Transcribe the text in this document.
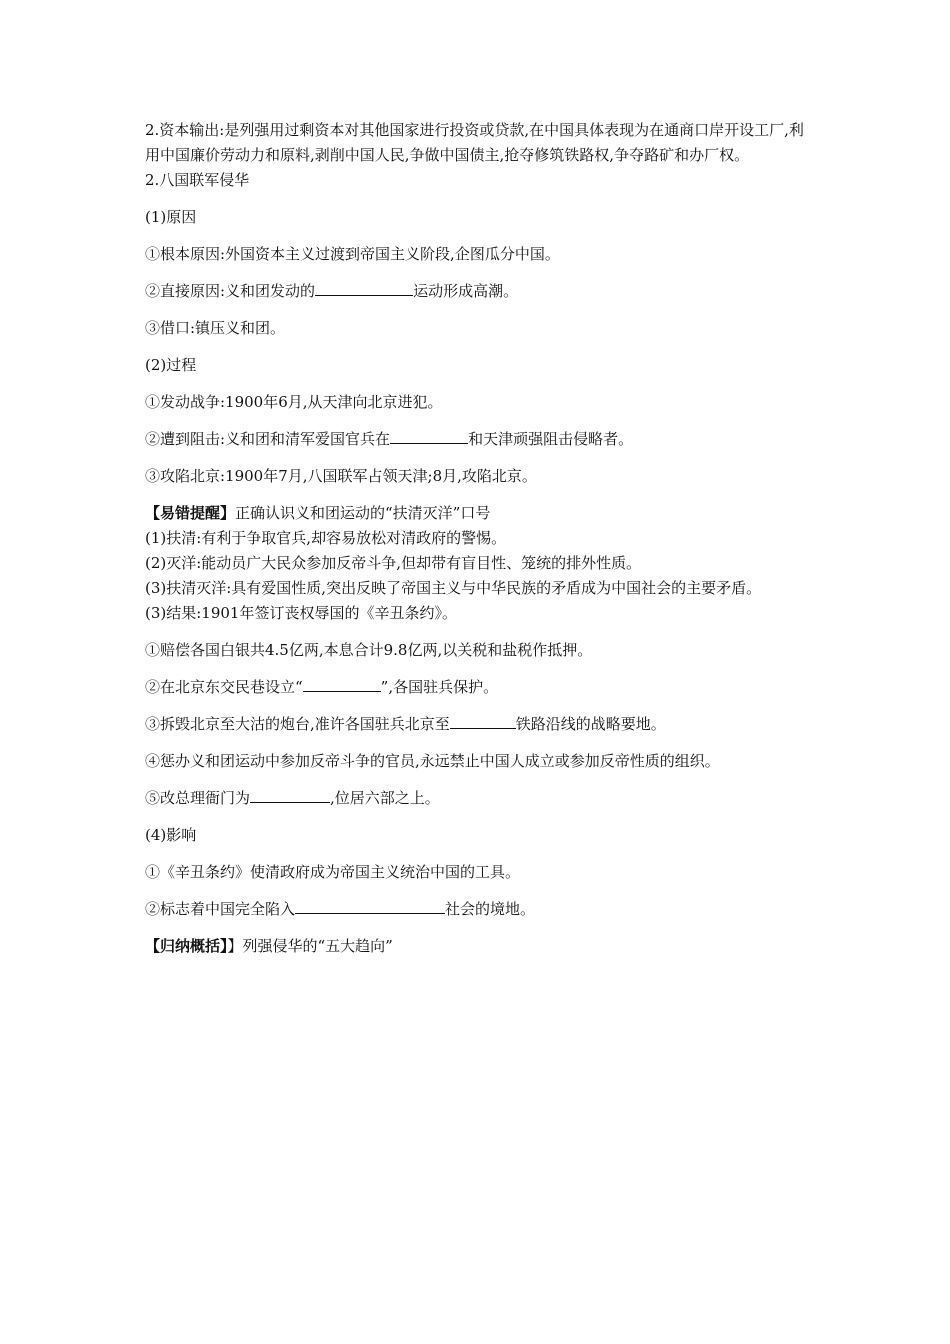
2.资本输出:是列强用过剩资本对其他国家进行投资或贷款,在中国具体表现为在通商口岸开设工厂,利用中国廉价劳动力和原料,剥削中国人民,争做中国债主,抢夺修筑铁路权,争夺路矿和办厂权。

2.八国联军侵华

(1)原因

①根本原因:外国资本主义过渡到帝国主义阶段,企图瓜分中国。

②直接原因:义和团发动的	运动形成高潮。

③借口:镇压义和团。

(2)过程

①发动战争:1900年6月,从天津向北京进犯。

②遭到阻击:义和团和清军爱国官兵在	和天津顽强阻击侵略者。

③攻陷北京:1900年7月,八国联军占领天津;8月,攻陷北京。

【易错提醒】正确认识义和团运动的“扶清灭洋”口号

(1)扶清:有利于争取官兵,却容易放松对清政府的警惕。

(2)灭洋:能动员广大民众参加反帝斗争,但却带有盲目性、笼统的排外性质。

(3)扶清灭洋:具有爱国性质,突出反映了帝国主义与中华民族的矛盾成为中国社会的主要矛盾。

(3)结果:1901年签订丧权辱国的《辛丑条约》。

①赔偿各国白银共4.5亿两,本息合计9.8亿两,以关税和盐税作抵押。

②在北京东交民巷设立“	”,各国驻兵保护。

③拆毁北京至大沽的炮台,准许各国驻兵北京至	铁路沿线的战略要地。

④惩办义和团运动中参加反帝斗争的官员,永远禁止中国人成立或参加反帝性质的组织。

⑤改总理衙门为	,位居六部之上。

(4)影响

①《辛丑条约》使清政府成为帝国主义统治中国的工具。

②标志着中国完全陷入	社会的境地。

【归纳概括】】列强侵华的“五大趋向”
